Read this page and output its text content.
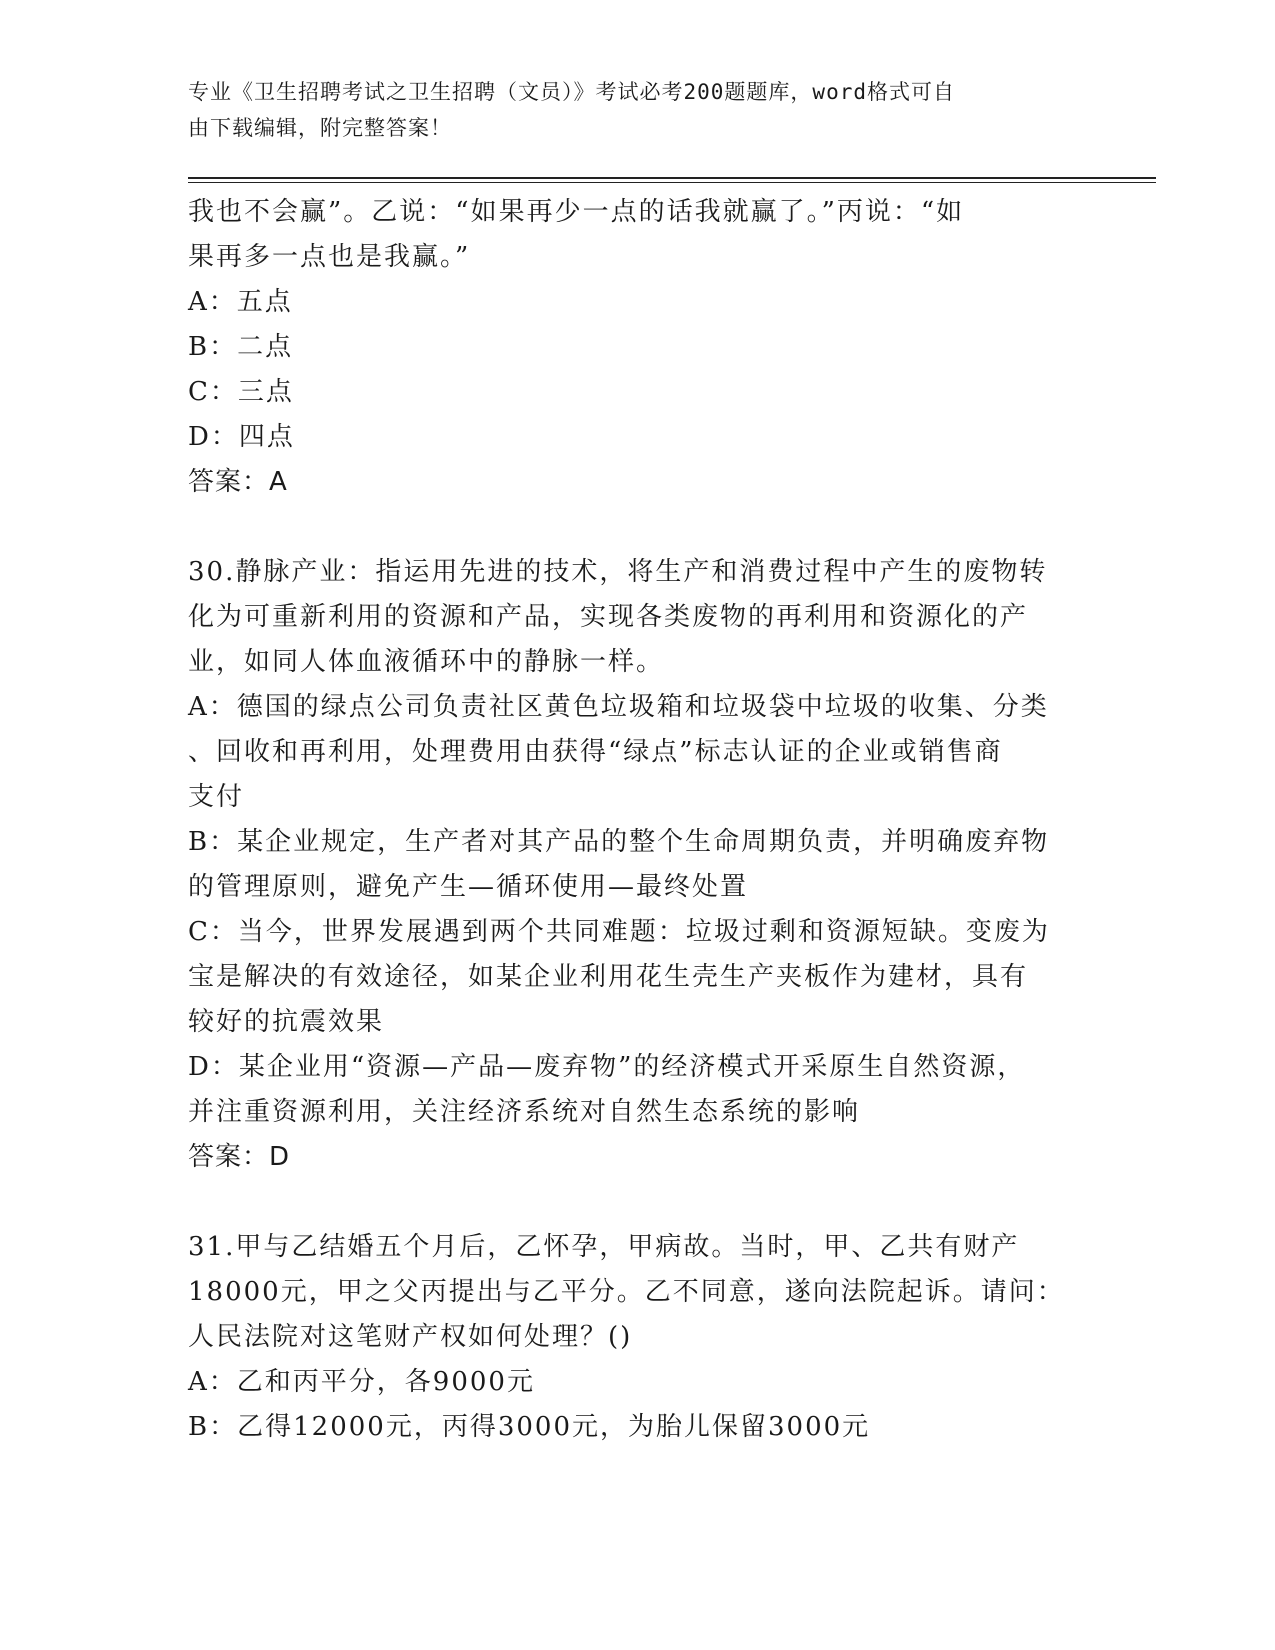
专业《卫生招聘考试之卫生招聘（文员）》考试必考200题题库，word格式可自
由下载编辑，附完整答案！

我也不会赢”。乙说：“如果再少一点的话我就赢了。”丙说：“如

果再多一点也是我赢。”

A：五点

B：二点

C：三点

D：四点

答案：A

30.静脉产业：指运用先进的技术，将生产和消费过程中产生的废物转

化为可重新利用的资源和产品，实现各类废物的再利用和资源化的产

业，如同人体血液循环中的静脉一样。

A：德国的绿点公司负责社区黄色垃圾箱和垃圾袋中垃圾的收集、分类

、回收和再利用，处理费用由获得“绿点”标志认证的企业或销售商

支付

B：某企业规定，生产者对其产品的整个生命周期负责，并明确废弃物

的管理原则，避免产生—循环使用—最终处置

C：当今，世界发展遇到两个共同难题：垃圾过剩和资源短缺。变废为

宝是解决的有效途径，如某企业利用花生壳生产夹板作为建材，具有

较好的抗震效果

D：某企业用“资源—产品—废弃物”的经济模式开采原生自然资源，

并注重资源利用，关注经济系统对自然生态系统的影响

答案：D

31.甲与乙结婚五个月后，乙怀孕，甲病故。当时，甲、乙共有财产

18000元，甲之父丙提出与乙平分。乙不同意，遂向法院起诉。请问：

人民法院对这笔财产权如何处理？()

A：乙和丙平分，各9000元

B：乙得12000元，丙得3000元，为胎儿保留3000元
